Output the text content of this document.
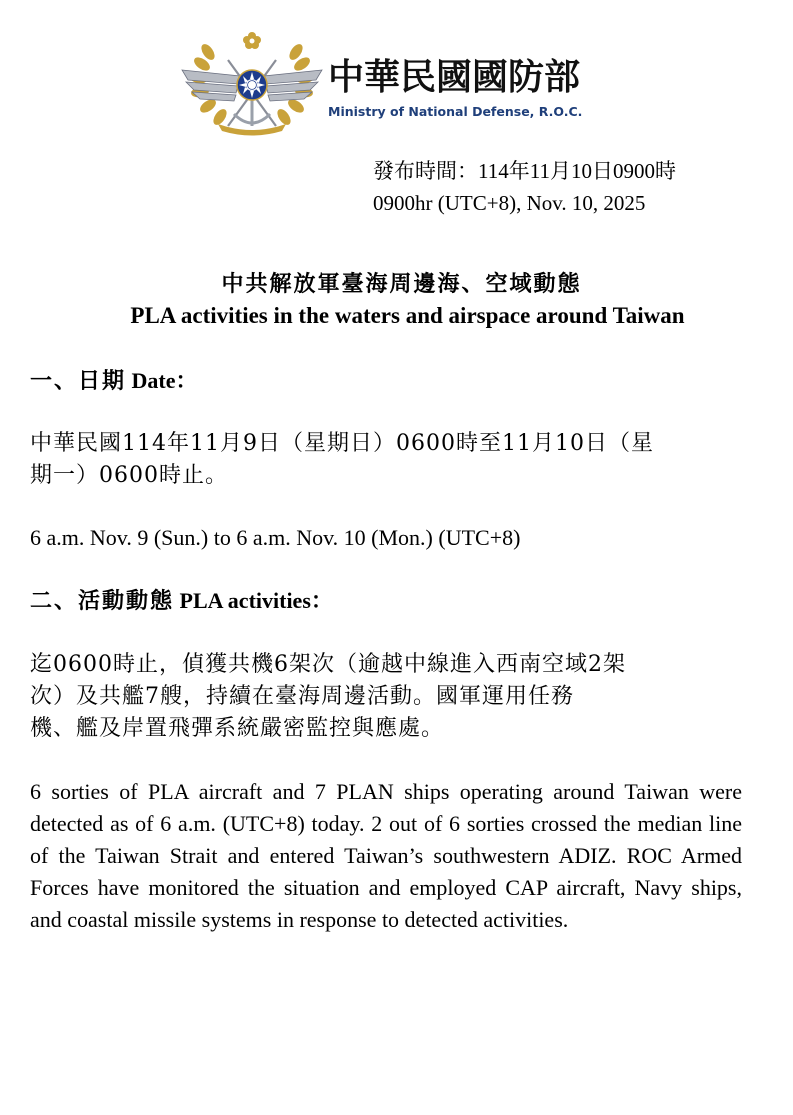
中華民國國防部
Ministry of National Defense, R.O.C.
發布時間：114年11月10日0900時
0900hr (UTC+8), Nov. 10, 2025
中共解放軍臺海周邊海、空域動態
PLA activities in the waters and airspace around Taiwan
一、日期 Date：
中華民國114年11月9日（星期日）0600時至11月10日（星
期一）0600時止。
6 a.m. Nov. 9 (Sun.) to 6 a.m. Nov. 10 (Mon.) (UTC+8)
二、活動動態 PLA activities：
迄0600時止，偵獲共機6架次（逾越中線進入西南空域2架
次）及共艦7艘，持續在臺海周邊活動。國軍運用任務
機、艦及岸置飛彈系統嚴密監控與應處。
6 sorties of PLA aircraft and 7 PLAN ships operating around Taiwan were detected as of 6 a.m. (UTC+8) today. 2 out of 6 sorties crossed the median line of the Taiwan Strait and entered Taiwan’s southwestern ADIZ. ROC Armed Forces have monitored the situation and employed CAP aircraft, Navy ships, and coastal missile systems in response to detected activities.
